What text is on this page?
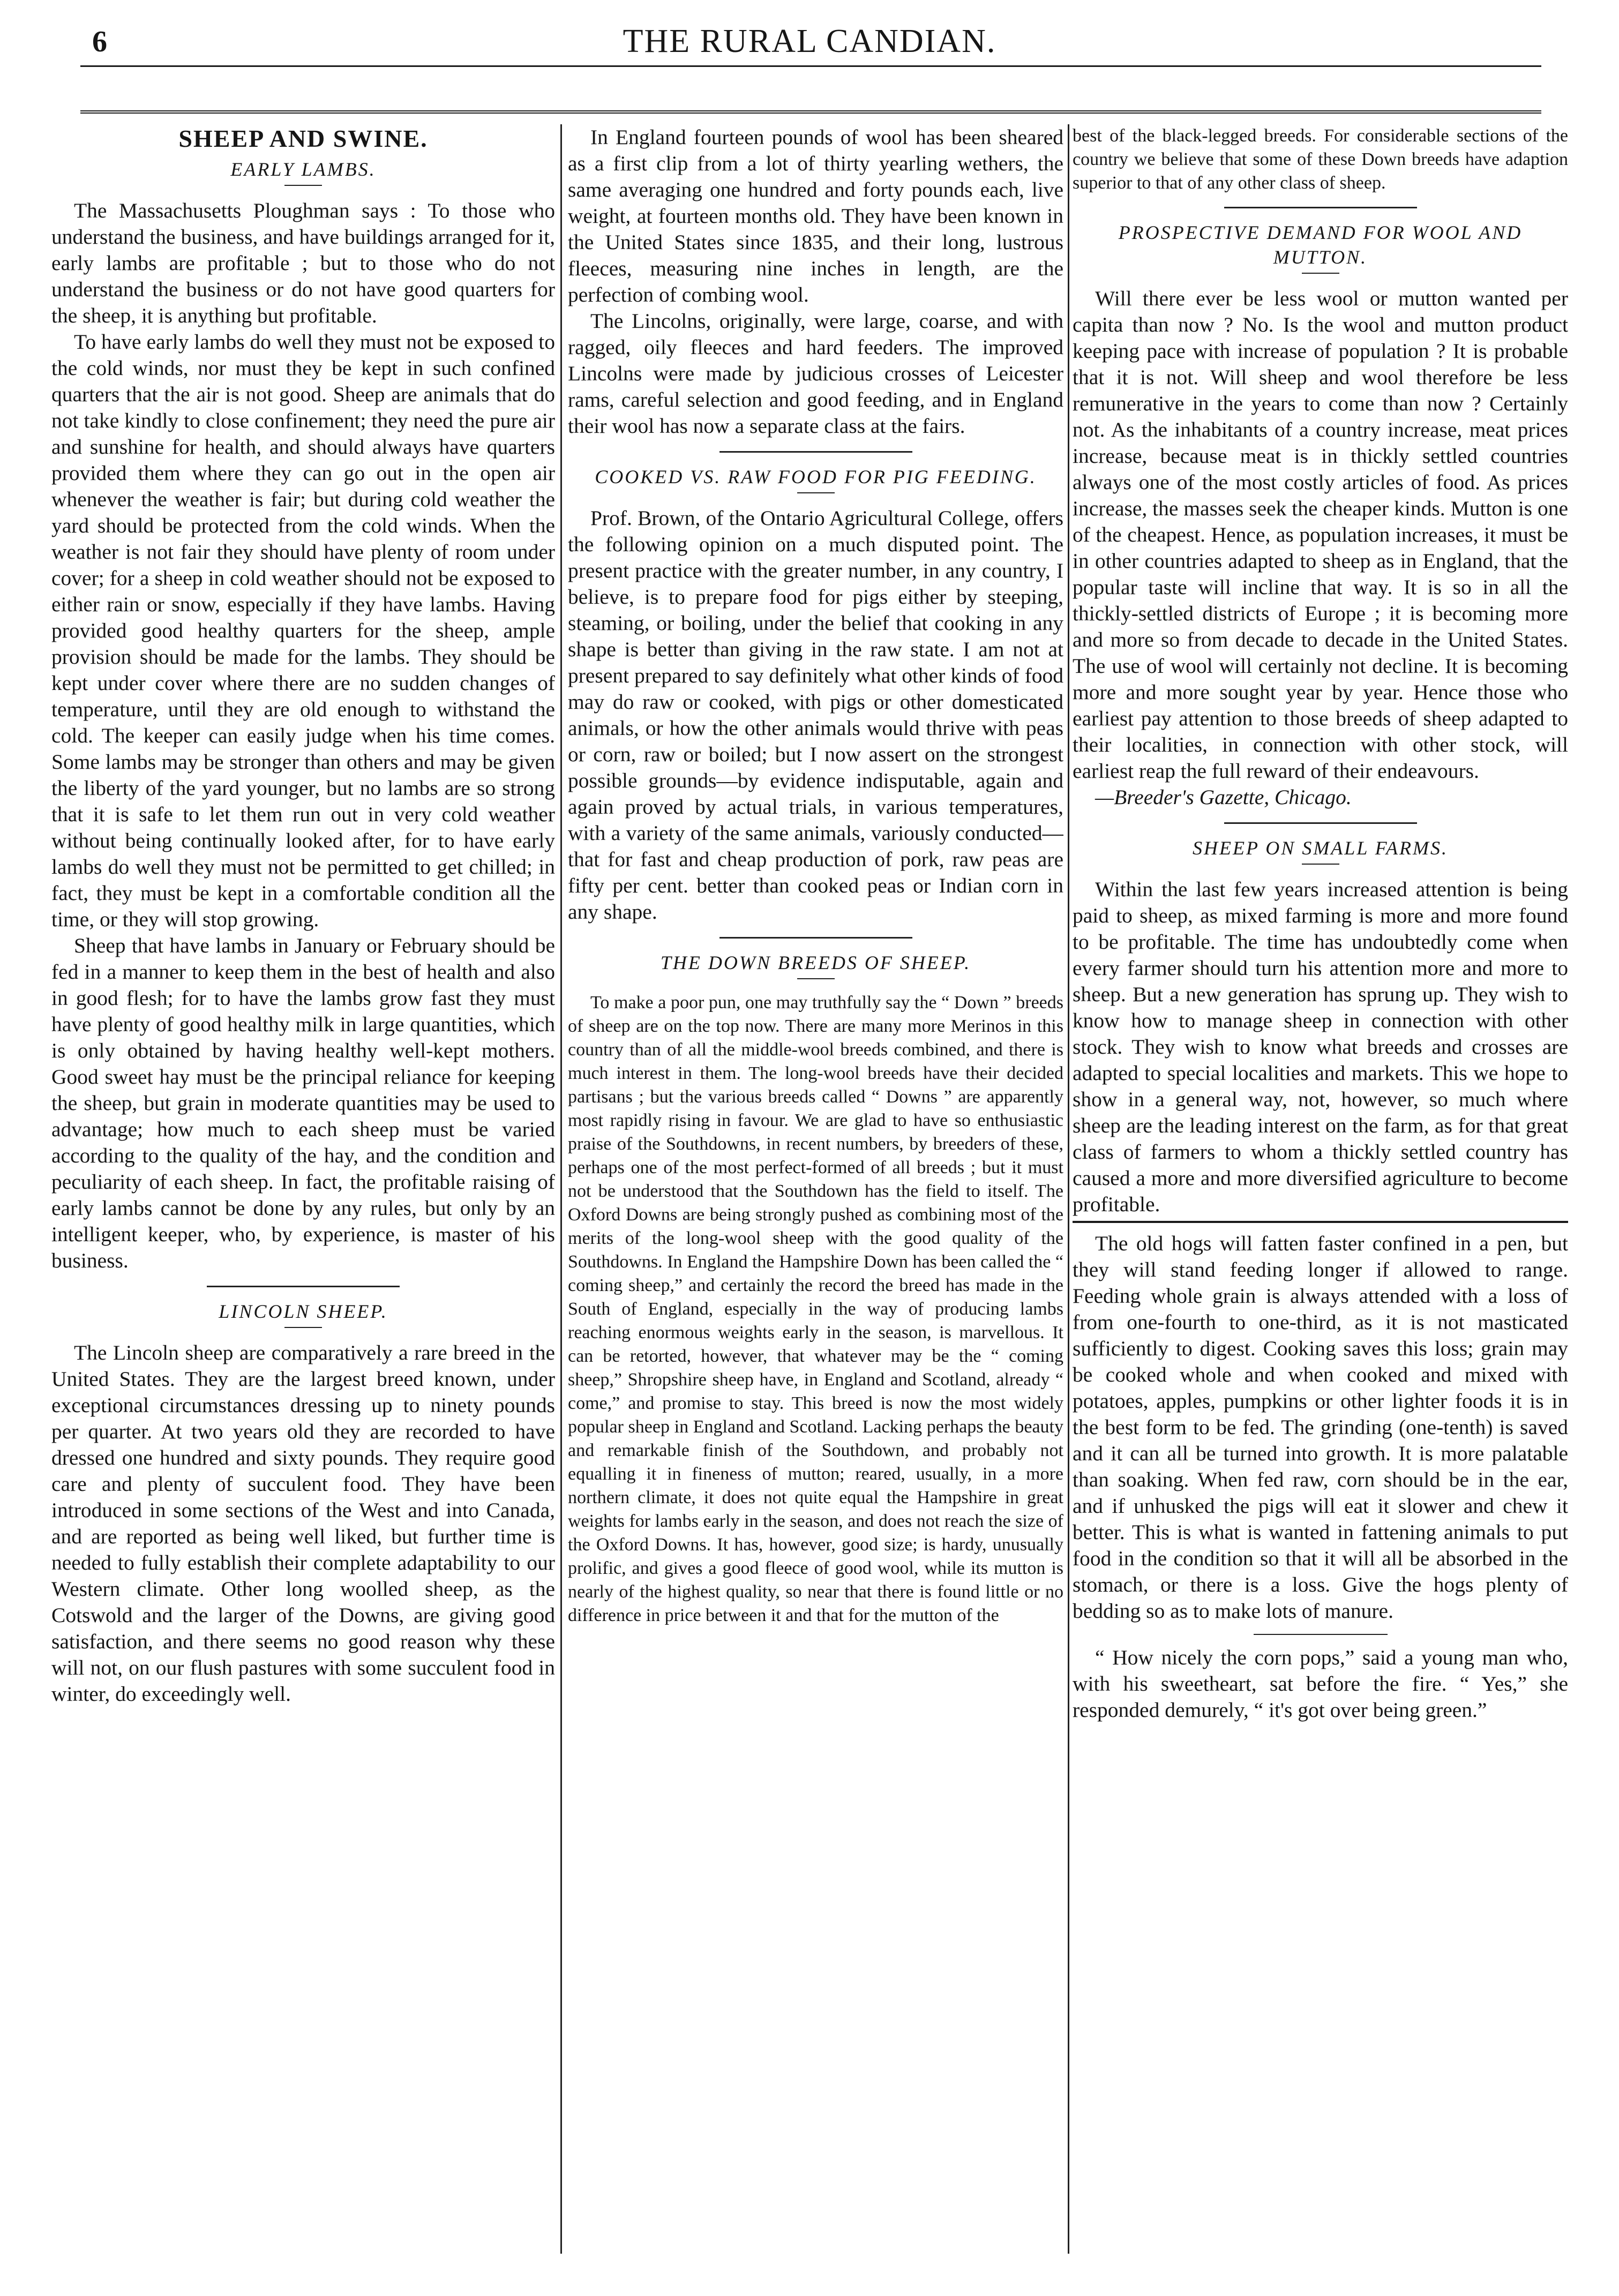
6	THE RURAL CANDIAN.
SHEEP AND SWINE.
EARLY LAMBS.

The Massachusetts Ploughman says : To those who understand the business, and have buildings arranged for it, early lambs are profitable ; but to those who do not understand the business or do not have good quarters for the sheep, it is anything but profitable.

To have early lambs do well they must not be exposed to the cold winds, nor must they be kept in such confined quarters that the air is not good. Sheep are animals that do not take kindly to close confinement; they need the pure air and sunshine for health, and should always have quarters provided them where they can go out in the open air whenever the weather is fair; but during cold weather the yard should be protected from the cold winds. When the weather is not fair they should have plenty of room under cover; for a sheep in cold weather should not be exposed to either rain or snow, especially if they have lambs. Having provided good healthy quarters for the sheep, ample provision should be made for the lambs. They should be kept under cover where there are no sudden changes of temperature, until they are old enough to withstand the cold. The keeper can easily judge when his time comes. Some lambs may be stronger than others and may be given the liberty of the yard younger, but no lambs are so strong that it is safe to let them run out in very cold weather without being continually looked after, for to have early lambs do well they must not be permitted to get chilled; in fact, they must be kept in a comfortable condition all the time, or they will stop growing.

Sheep that have lambs in January or February should be fed in a manner to keep them in the best of health and also in good flesh; for to have the lambs grow fast they must have plenty of good healthy milk in large quantities, which is only obtained by having healthy well-kept mothers. Good sweet hay must be the principal reliance for keeping the sheep, but grain in moderate quantities may be used to advantage; how much to each sheep must be varied according to the quality of the hay, and the condition and peculiarity of each sheep. In fact, the profitable raising of early lambs cannot be done by any rules, but only by an intelligent keeper, who, by experience, is master of his business.

LINCOLN SHEEP.

The Lincoln sheep are comparatively a rare breed in the United States. They are the largest breed known, under exceptional circumstances dressing up to ninety pounds per quarter. At two years old they are recorded to have dressed one hundred and sixty pounds. They require good care and plenty of succulent food. They have been introduced in some sections of the West and into Canada, and are reported as being well liked, but further time is needed to fully establish their complete adaptability to our Western climate. Other long woolled sheep, as the Cotswold and the larger of the Downs, are giving good satisfaction, and there seems no good reason why these will not, on our flush pastures with some succulent food in winter, do exceedingly well.

In England fourteen pounds of wool has been sheared as a first clip from a lot of thirty yearling wethers, the same averaging one hundred and forty pounds each, live weight, at fourteen months old. They have been known in the United States since 1835, and their long, lustrous fleeces, measuring nine inches in length, are the perfection of combing wool.

The Lincolns, originally, were large, coarse, and with ragged, oily fleeces and hard feeders. The improved Lincolns were made by judicious crosses of Leicester rams, careful selection and good feeding, and in England their wool has now a separate class at the fairs.

COOKED VS. RAW FOOD FOR PIG FEEDING.

Prof. Brown, of the Ontario Agricultural College, offers the following opinion on a much disputed point. The present practice with the greater number, in any country, I believe, is to prepare food for pigs either by steeping, steaming, or boiling, under the belief that cooking in any shape is better than giving in the raw state. I am not at present prepared to say definitely what other kinds of food may do raw or cooked, with pigs or other domesticated animals, or how the other animals would thrive with peas or corn, raw or boiled; but I now assert on the strongest possible grounds—by evidence indisputable, again and again proved by actual trials, in various temperatures, with a variety of the same animals, variously conducted—that for fast and cheap production of pork, raw peas are fifty per cent. better than cooked peas or Indian corn in any shape.

THE DOWN BREEDS OF SHEEP.

To make a poor pun, one may truthfully say the “ Down ” breeds of sheep are on the top now. There are many more Merinos in this country than of all the middle-wool breeds combined, and there is much interest in them. The long-wool breeds have their decided partisans ; but the various breeds called “ Downs ” are apparently most rapidly rising in favour. We are glad to have so enthusiastic praise of the Southdowns, in recent numbers, by breeders of these, perhaps one of the most perfect-formed of all breeds ; but it must not be understood that the Southdown has the field to itself. The Oxford Downs are being strongly pushed as combining most of the merits of the long-wool sheep with the good quality of the Southdowns. In England the Hampshire Down has been called the “ coming sheep,” and certainly the record the breed has made in the South of England, especially in the way of producing lambs reaching enormous weights early in the season, is marvellous. It can be retorted, however, that whatever may be the “ coming sheep,” Shropshire sheep have, in England and Scotland, already “ come,” and promise to stay. This breed is now the most widely popular sheep in England and Scotland. Lacking perhaps the beauty and remarkable finish of the Southdown, and probably not equalling it in fineness of mutton; reared, usually, in a more northern climate, it does not quite equal the Hampshire in great weights for lambs early in the season, and does not reach the size of the Oxford Downs. It has, however, good size; is hardy, unusually prolific, and gives a good fleece of good wool, while its mutton is nearly of the highest quality, so near that there is found little or no difference in price between it and that for the mutton of the

best of the black-legged breeds. For considerable sections of the country we believe that some of these Down breeds have adaption superior to that of any other class of sheep.

PROSPECTIVE DEMAND FOR WOOL AND MUTTON.

Will there ever be less wool or mutton wanted per capita than now ? No. Is the wool and mutton product keeping pace with increase of population ? It is probable that it is not. Will sheep and wool therefore be less remunerative in the years to come than now ? Certainly not. As the inhabitants of a country increase, meat prices increase, because meat is in thickly settled countries always one of the most costly articles of food. As prices increase, the masses seek the cheaper kinds. Mutton is one of the cheapest. Hence, as population increases, it must be in other countries adapted to sheep as in England, that the popular taste will incline that way. It is so in all the thickly-settled districts of Europe ; it is becoming more and more so from decade to decade in the United States. The use of wool will certainly not decline. It is becoming more and more sought year by year. Hence those who earliest pay attention to those breeds of sheep adapted to their localities, in connection with other stock, will earliest reap the full reward of their endeavours.

—Breeder's Gazette, Chicago.

SHEEP ON SMALL FARMS.

Within the last few years increased attention is being paid to sheep, as mixed farming is more and more found to be profitable. The time has undoubtedly come when every farmer should turn his attention more and more to sheep. But a new generation has sprung up. They wish to know how to manage sheep in connection with other stock. They wish to know what breeds and crosses are adapted to special localities and markets. This we hope to show in a general way, not, however, so much where sheep are the leading interest on the farm, as for that great class of farmers to whom a thickly settled country has caused a more and more diversified agriculture to become profitable.

The old hogs will fatten faster confined in a pen, but they will stand feeding longer if allowed to range. Feeding whole grain is always attended with a loss of from one-fourth to one-third, as it is not masticated sufficiently to digest. Cooking saves this loss; grain may be cooked whole and when cooked and mixed with potatoes, apples, pumpkins or other lighter foods it is in the best form to be fed. The grinding (one-tenth) is saved and it can all be turned into growth. It is more palatable than soaking. When fed raw, corn should be in the ear, and if unhusked the pigs will eat it slower and chew it better. This is what is wanted in fattening animals to put food in the condition so that it will all be absorbed in the stomach, or there is a loss. Give the hogs plenty of bedding so as to make lots of manure.

“ How nicely the corn pops,” said a young man who, with his sweetheart, sat before the fire. “ Yes,” she responded demurely, “ it's got over being green.”
